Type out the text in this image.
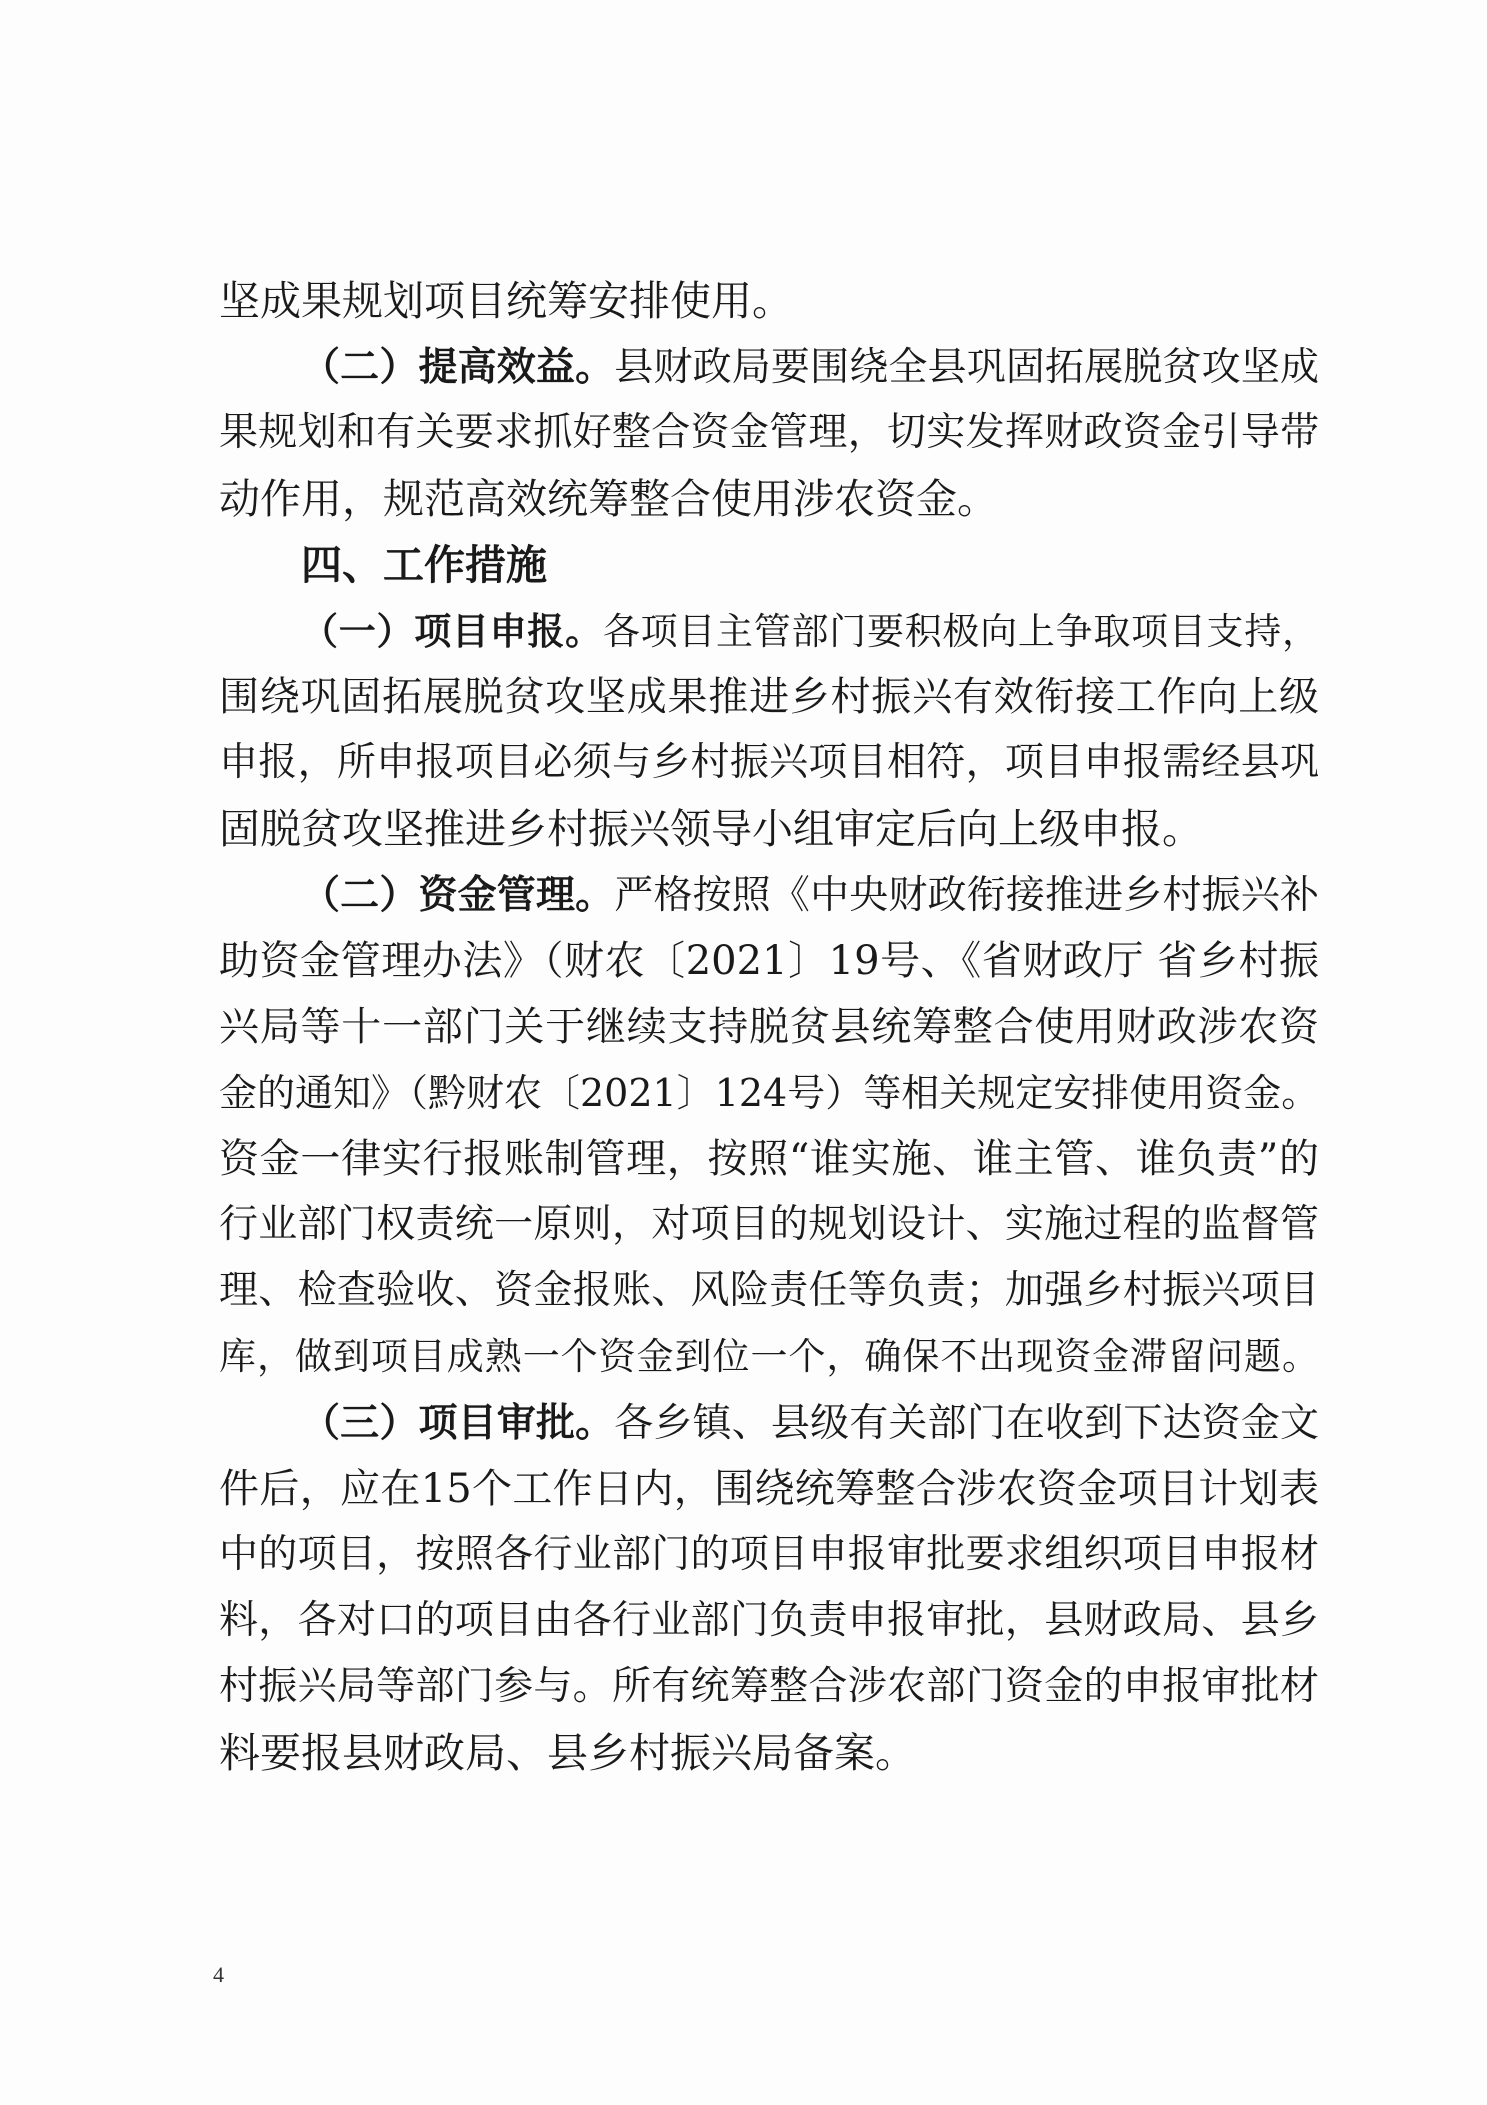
坚成果规划项目统筹安排使用。
（二）提高效益。县财政局要围绕全县巩固拓展脱贫攻坚成
果规划和有关要求抓好整合资金管理，切实发挥财政资金引导带
动作用，规范高效统筹整合使用涉农资金。
四、工作措施
（一）项目申报。各项目主管部门要积极向上争取项目支持，
围绕巩固拓展脱贫攻坚成果推进乡村振兴有效衔接工作向上级
申报，所申报项目必须与乡村振兴项目相符，项目申报需经县巩
固脱贫攻坚推进乡村振兴领导小组审定后向上级申报。
（二）资金管理。严格按照《中央财政衔接推进乡村振兴补
助资金管理办法》（财农〔2021〕19号、《省财政厅 省乡村振
兴局等十一部门关于继续支持脱贫县统筹整合使用财政涉农资
金的通知》（黔财农〔2021〕124号）等相关规定安排使用资金。
资金一律实行报账制管理，按照“谁实施、谁主管、谁负责”的
行业部门权责统一原则，对项目的规划设计、实施过程的监督管
理、检查验收、资金报账、风险责任等负责；加强乡村振兴项目
库，做到项目成熟一个资金到位一个，确保不出现资金滞留问题。
（三）项目审批。各乡镇、县级有关部门在收到下达资金文
件后，应在15个工作日内，围绕统筹整合涉农资金项目计划表
中的项目，按照各行业部门的项目申报审批要求组织项目申报材
料，各对口的项目由各行业部门负责申报审批，县财政局、县乡
村振兴局等部门参与。所有统筹整合涉农部门资金的申报审批材
料要报县财政局、县乡村振兴局备案。
4
